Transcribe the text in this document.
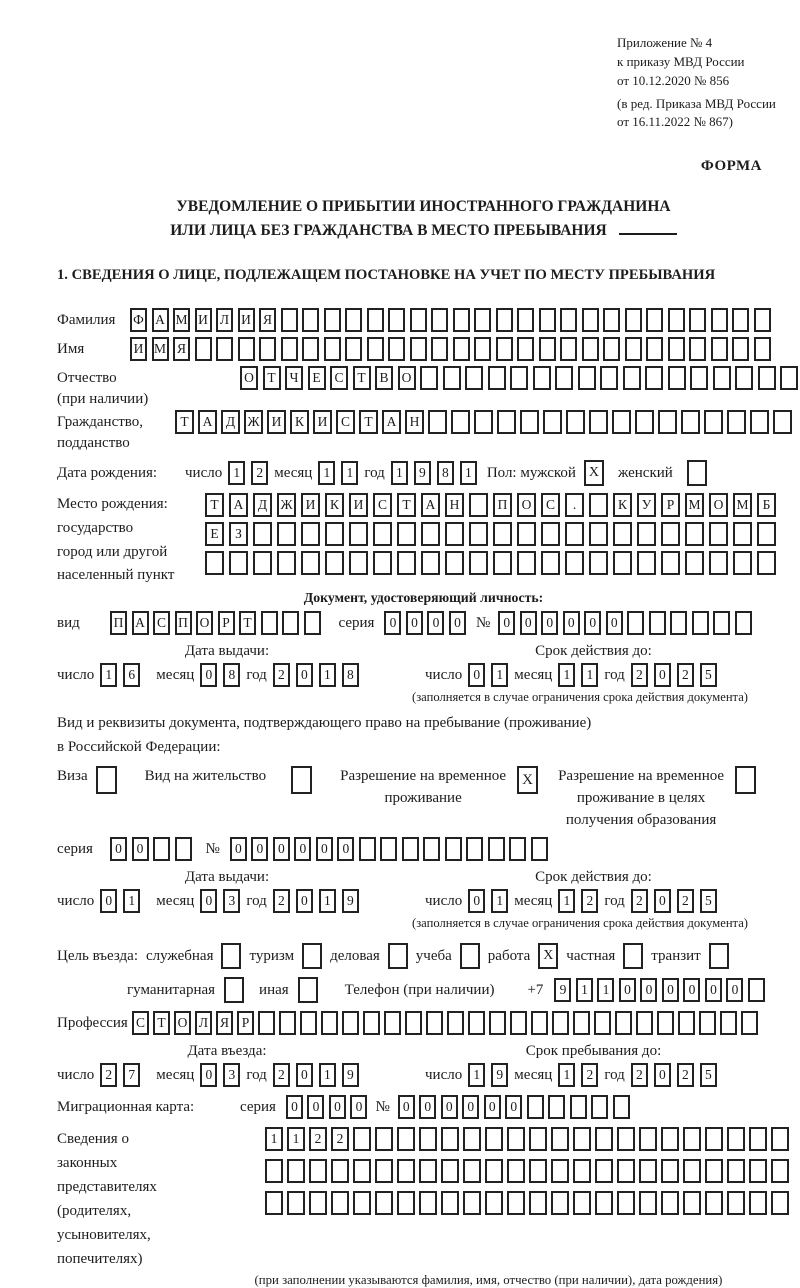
Приложение № 4
к приказу МВД России
от 10.12.2020 № 856
(в ред. Приказа МВД России
от 16.11.2022 № 867)
ФОРМА
УВЕДОМЛЕНИЕ О ПРИБЫТИИ ИНОСТРАННОГО ГРАЖДАНИНА
ИЛИ ЛИЦА БЕЗ ГРАЖДАНСТВА В МЕСТО ПРЕБЫВАНИЯ
1. СВЕДЕНИЯ О ЛИЦЕ, ПОДЛЕЖАЩЕМ ПОСТАНОВКЕ НА УЧЕТ ПО МЕСТУ ПРЕБЫВАНИЯ
Фамилия	Ф А М И Л И Я
Имя	И М Я
Отчество	О	Т	Ч	Е	С	Т	В О
(при наличии)
Гражданство,	Т	А	Д Ж И	К	И	С	Т	А Н
подданство
Дата рождения:	число 1	2 месяц 1	1 год 1	9	8	1	Пол: мужской X	женский
Место рождения:
государство
город или другой
населенный пункт
Т	А	Д Ж И	К	И	С	Т	А	Н	П	О	С	.	К	У	Р	М О М	Б
Е	З
Документ, удостоверяющий личность:
вид	П А С П О Р	Т	серия	0	0	0	0	№ 0	0	0	0	0	0
Дата выдачи:	Срок действия до:
число 1	6	месяц 0	8 год 2	0	1	8	число 0	1 месяц 1	1 год 2	0	2	5
(заполняется в случае ограничения срока действия документа)
Вид и реквизиты документа, подтверждающего право на пребывание (проживание)
в Российской Федерации:
Виза	Вид на жительство	Разрешение на временное
проживание
X	Разрешение на временное
проживание в целях
получения образования
серия	0	0	№	0	0	0	0	0	0
Дата выдачи:	Срок действия до:
число 0	1	месяц 0	3 год 2	0	1	9	число 0	1 месяц 1	2 год 2	0	2	5
(заполняется в случае ограничения срока действия документа)
Цель въезда: служебная туризм деловая учеба работа X частная транзит
гуманитарная	иная	Телефон (при наличии) +7	9	1	1	0	0	0	0	0	0
Профессия С Т О Л Я Р
Дата въезда:	Срок пребывания до:
число 2	7	месяц 0	3 год 2	0	1	9	число 1	9 месяц 1	2 год 2	0	2	5
Миграционная карта:	серия	0	0	0	0 № 0	0	0	0	0	0
Сведения о
законных
представителях
(родителях,
усыновителях,
попечителях)
1	1	2	2
(при заполнении указываются фамилия, имя, отчество (при наличии), дата рождения)
